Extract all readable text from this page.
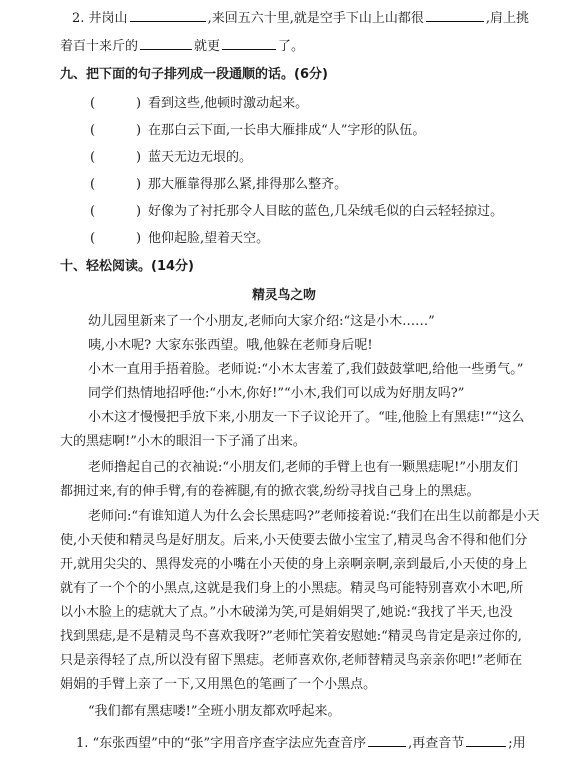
2. 井岗山	,来回五六十里,就是空手下山上山都很	,肩上挑
着百十来斤的	就更	了。
九、把下面的句子排列成一段通顺的话。(6分)
(	) 看到这些,他顿时激动起来。
(	) 在那白云下面,一长串大雁排成“人”字形的队伍。
(	) 蓝天无边无垠的。
(	) 那大雁靠得那么紧,排得那么整齐。
(	) 好像为了衬托那令人目眩的蓝色,几朵绒毛似的白云轻轻掠过。
(	) 他仰起脸,望着天空。
十、轻松阅读。(14分)
精灵鸟之吻
幼儿园里新来了一个小朋友,老师向大家介绍:“这是小木……”
咦,小木呢? 大家东张西望。哦,他躲在老师身后呢!
小木一直用手捂着脸。老师说:“小木太害羞了,我们鼓鼓掌吧,给他一些勇气。”
同学们热情地招呼他:“小木,你好!”“小木,我们可以成为好朋友吗?”
小木这才慢慢把手放下来,小朋友一下子议论开了。“哇,他脸上有黑痣!”“这么
大的黑痣啊!”小木的眼泪一下子涌了出来。
老师撸起自己的衣袖说:“小朋友们,老师的手臂上也有一颗黑痣呢!”小朋友们
都拥过来,有的伸手臂,有的卷裤腿,有的掀衣裳,纷纷寻找自己身上的黑痣。
老师问:“有谁知道人为什么会长黑痣吗?”老师接着说:“我们在出生以前都是小天
使,小天使和精灵鸟是好朋友。后来,小天使要去做小宝宝了,精灵鸟舍不得和他们分
开,就用尖尖的、黑得发亮的小嘴在小天使的身上亲啊亲啊,亲到最后,小天使的身上
就有了一个个的小黑点,这就是我们身上的小黑痣。精灵鸟可能特别喜欢小木吧,所
以小木脸上的痣就大了点。”小木破涕为笑,可是娟娟哭了,她说:“我找了半天,也没
找到黑痣,是不是精灵鸟不喜欢我呀?”老师忙笑着安慰她:“精灵鸟肯定是亲过你的,
只是亲得轻了点,所以没有留下黑痣。老师喜欢你,老师替精灵鸟亲亲你吧!”老师在
娟娟的手臂上亲了一下,又用黑色的笔画了一个小黑点。
“我们都有黑痣喽!”全班小朋友都欢呼起来。
1. “东张西望”中的“张”字用音序查字法应先查音序	,再查音节	;用
